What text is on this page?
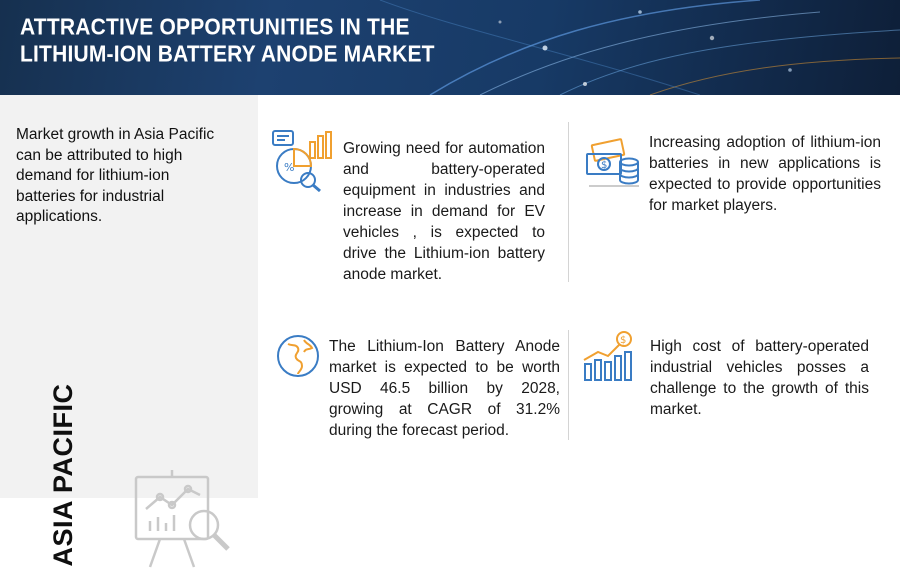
ATTRACTIVE OPPORTUNITIES IN THE
LITHIUM-ION BATTERY ANODE MARKET
Market growth in Asia Pacific can be attributed to high demand for lithium-ion batteries for industrial applications.
ASIA PACIFIC
%
Growing need for automation and battery-operated equipment in industries and increase in demand for EV vehicles , is expected to drive the Lithium-ion battery anode market.
$
Increasing adoption of lithium-ion batteries in new applications is expected to provide opportunities for market players.
The Lithium-Ion Battery Anode market is expected to be worth USD 46.5 billion by 2028, growing at CAGR of 31.2% during the forecast period.
$ High cost of battery-operated industrial vehicles posses a challenge to the growth of this market.
